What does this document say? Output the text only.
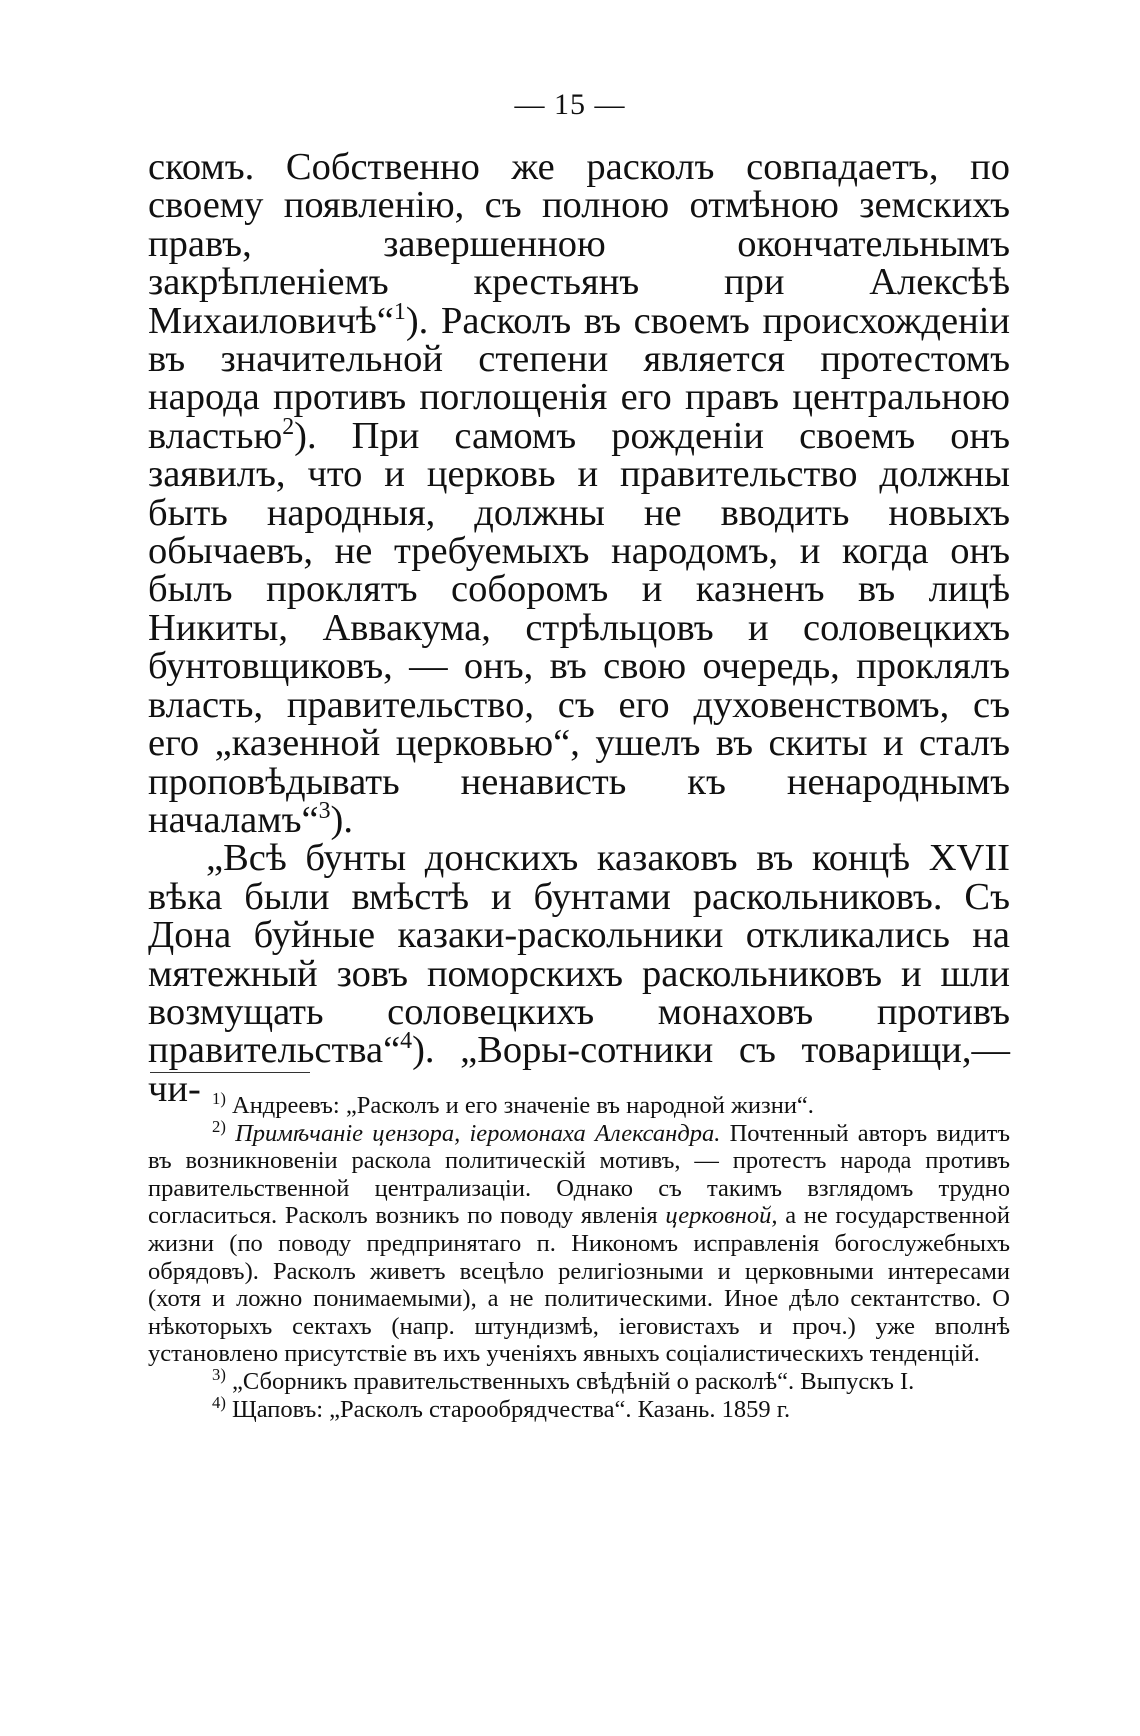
— 15 —

скомъ. Собственно же расколъ совпадаетъ, по своему появленію, съ полною отмѣною земскихъ правъ, завершенною окончательнымъ закрѣпленіемъ крестьянъ при Алексѣѣ Михаиловичѣ“$^1$). Расколъ въ своемъ происхожденіи въ значительной степени является протестомъ народа противъ поглощенія его правъ центральною властью$^2$). При самомъ рожденіи своемъ онъ заявилъ, что и церковь и правительство должны быть народныя, должны не вводить новыхъ обычаевъ, не требуемыхъ народомъ, и когда онъ былъ проклятъ соборомъ и казненъ въ лицѣ Никиты, Аввакума, стрѣльцовъ и соловецкихъ бунтовщиковъ, — онъ, въ свою очередь, проклялъ власть, правительство, съ его духовенствомъ, съ его „казенной церковью“, ушелъ въ скиты и сталъ проповѣдывать ненависть къ ненароднымъ началамъ“$^3$).

„Всѣ бунты донскихъ казаковъ въ концѣ XVII вѣка были вмѣстѣ и бунтами раскольниковъ. Съ Дона буйные казаки-раскольники откликались на мятежный зовъ поморскихъ раскольниковъ и шли возмущать соловецкихъ монаховъ противъ правительства“$^4$). „Воры-сотники съ товарищи,—чи- $^{1)}$ Андреевъ: „Расколъ и его значеніе въ народной жизни“.

$^{2)}$ Примѣчаніе цензора, іеромонаха Александра. Почтенный авторъ видитъ въ возникновеніи раскола политическій мотивъ, — протестъ народа противъ правительственной централизаціи. Однако съ такимъ взглядомъ трудно согласиться. Расколъ возникъ по поводу явленія церковной, а не государственной жизни (по поводу предпринятаго п. Никономъ исправленія богослужебныхъ обрядовъ). Расколъ живетъ всецѣло религіозными и церковными интересами (хотя и ложно понимаемыми), а не политическими. Иное дѣло сектантство. О нѣкоторыхъ сектахъ (напр. штундизмѣ, іеговистахъ и проч.) уже вполнѣ установлено присутствіе въ ихъ ученіяхъ явныхъ соціалистическихъ тенденцій.

$^{3)}$ „Сборникъ правительственныхъ свѣдѣній о расколѣ“. Выпускъ I.

$^{4)}$ Щаповъ: „Расколъ старообрядчества“. Казань. 1859 г.
